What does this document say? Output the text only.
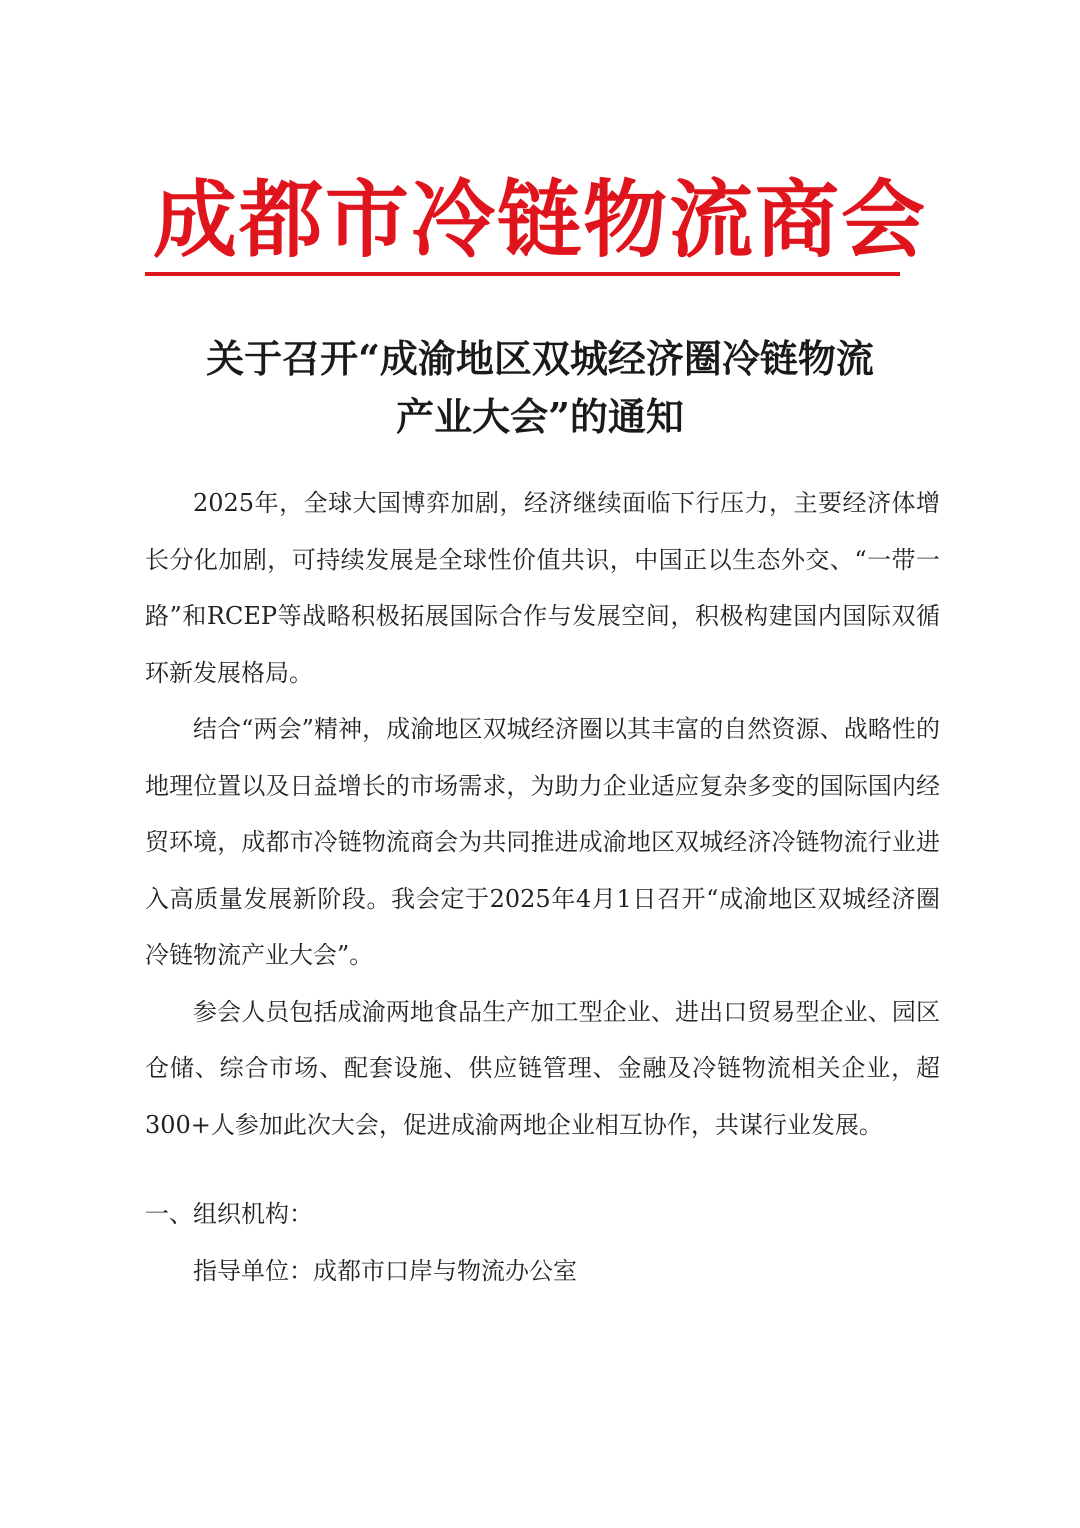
成都市冷链物流商会
关于召开“成渝地区双城经济圈冷链物流
产业大会”的通知

2025年，全球大国博弈加剧，经济继续面临下行压力，主要经济体增长分化加剧，可持续发展是全球性价值共识，中国正以生态外交、“一带一路”和RCEP等战略积极拓展国际合作与发展空间，积极构建国内国际双循环新发展格局。

结合“两会”精神，成渝地区双城经济圈以其丰富的自然资源、战略性的地理位置以及日益增长的市场需求，为助力企业适应复杂多变的国际国内经贸环境，成都市冷链物流商会为共同推进成渝地区双城经济冷链物流行业进入高质量发展新阶段。我会定于2025年4月1日召开“成渝地区双城经济圈冷链物流产业大会”。

参会人员包括成渝两地食品生产加工型企业、进出口贸易型企业、园区仓储、综合市场、配套设施、供应链管理、金融及冷链物流相关企业，超300+人参加此次大会，促进成渝两地企业相互协作，共谋行业发展。

一、组织机构：

指导单位：成都市口岸与物流办公室
